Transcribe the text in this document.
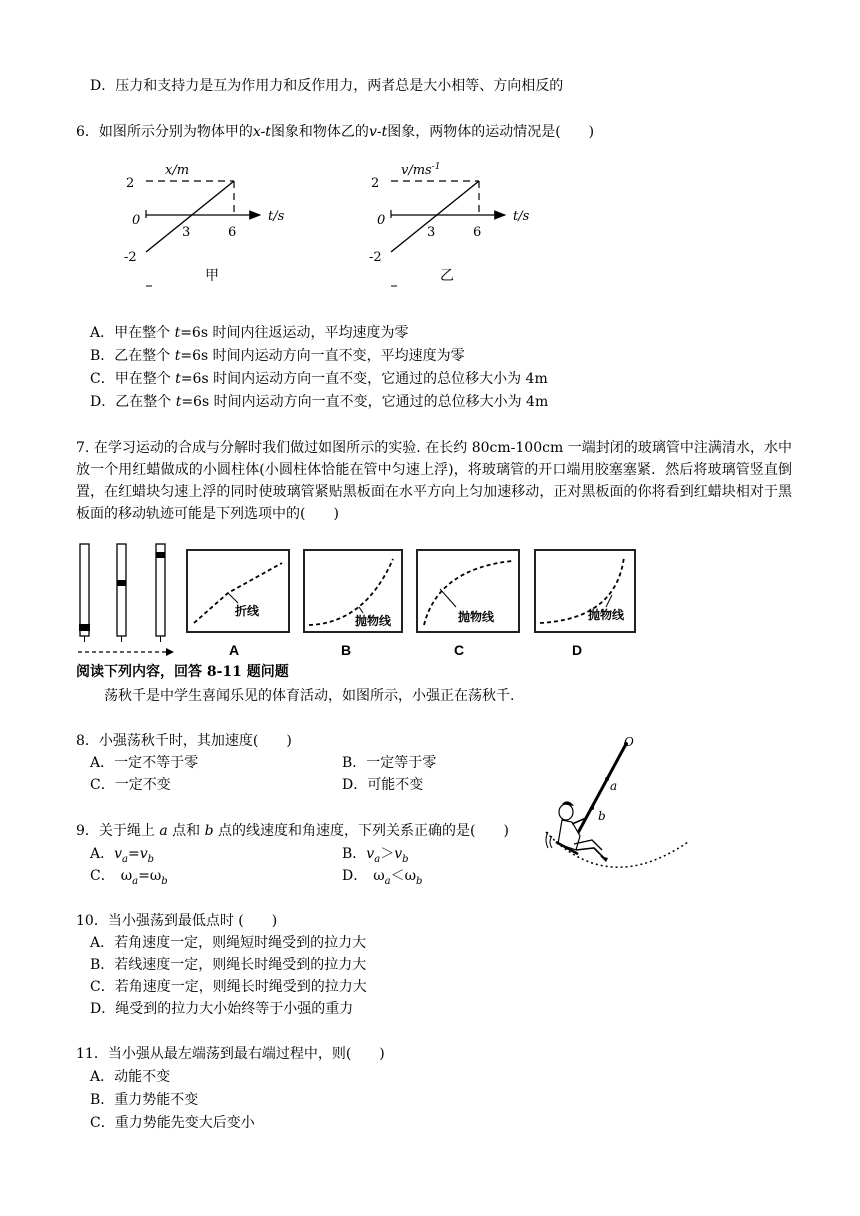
D．压力和支持力是互为作用力和反作用力，两者总是大小相等、方向相反的
6．如图所示分别为物体甲的x-t图象和物体乙的v-t图象，两物体的运动情况是(　　)
x/m
2
0
-2
3	6
t/s
甲
$v/ms^{-1}$
2
0
-2
3	6
t/s
乙
A．甲在整个 t=6s 时间内往返运动，平均速度为零
B．乙在整个 t=6s 时间内运动方向一直不变，平均速度为零
C．甲在整个 t=6s 时间内运动方向一直不变，它通过的总位移大小为 4m
D．乙在整个 t=6s 时间内运动方向一直不变，它通过的总位移大小为 4m
7. 在学习运动的合成与分解时我们做过如图所示的实验. 在长约 80cm-100cm 一端封闭的玻璃管中注满清水，水中放一个用红蜡做成的小圆柱体(小圆柱体恰能在管中匀速上浮)，将玻璃管的开口端用胶塞塞紧．然后将玻璃管竖直倒置，在红蜡块匀速上浮的同时使玻璃管紧贴黑板面在水平方向上匀加速移动，正对黑板面的你将看到红蜡块相对于黑板面的移动轨迹可能是下列选项中的(　　)
折线
A
抛物线
B
抛物线
C
抛物线
D
阅读下列内容，回答 8-11 题问题
荡秋千是中学生喜闻乐见的体育活动，如图所示，小强正在荡秋千.
8．小强荡秋千时，其加速度(　　)
A．一定不等于零	B．一定等于零
C．一定不变	D．可能不变
O
a
b
9．关于绳上 a 点和 b 点的线速度和角速度，下列关系正确的是(　　)
A．$v_a=v_b$	B．$v_a>v_b$
C． $\omega_a=\omega_b$	D． $\omega_a<\omega_b$
10．当小强荡到最低点时 (　　)
A．若角速度一定，则绳短时绳受到的拉力大
B．若线速度一定，则绳长时绳受到的拉力大
C．若角速度一定，则绳长时绳受到的拉力大
D．绳受到的拉力大小始终等于小强的重力
11．当小强从最左端荡到最右端过程中，则(　　)
A．动能不变
B．重力势能不变
C．重力势能先变大后变小
